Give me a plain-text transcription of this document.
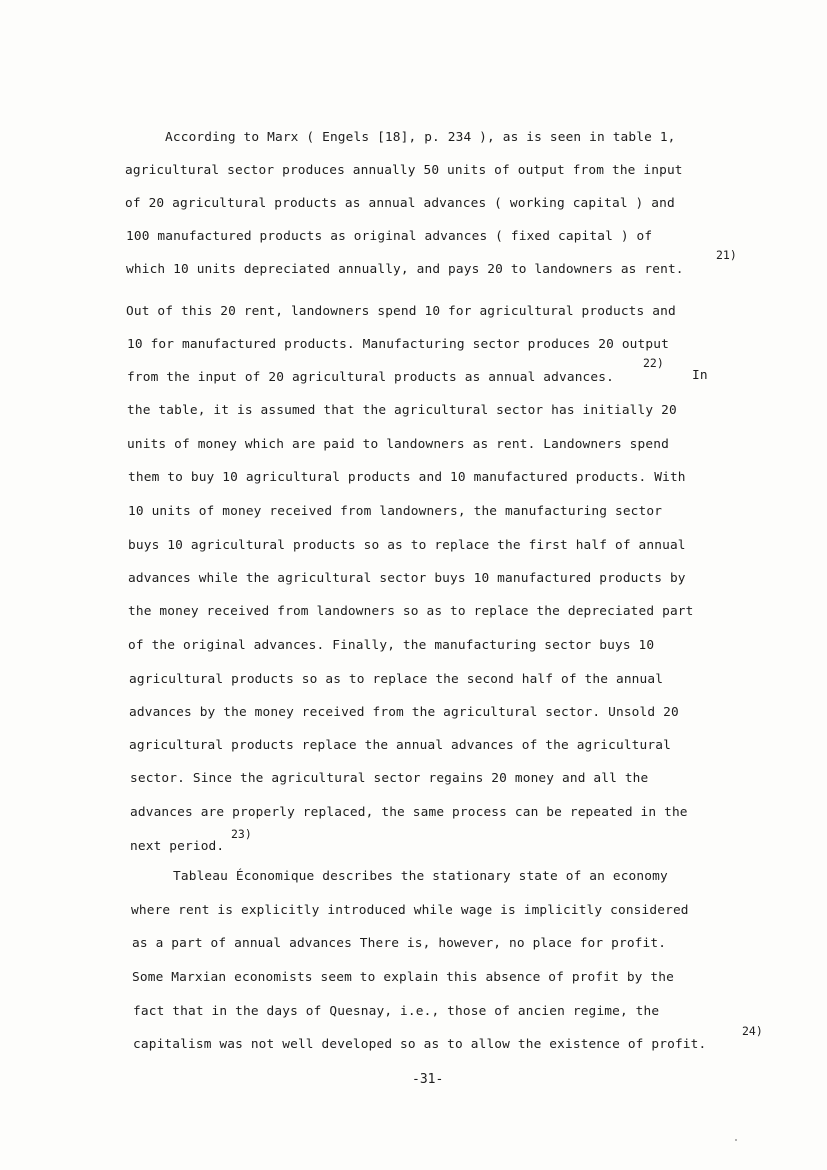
According to Marx ( Engels [18], p. 234 ), as is seen in table 1,
agricultural sector produces annually 50 units of output from the input
of 20 agricultural products as annual advances ( working capital ) and
100 manufactured products as original advances ( fixed capital ) of
which 10 units depreciated annually, and pays 20 to landowners as rent.
21)
Out of this 20 rent, landowners spend 10 for agricultural products and
10 for manufactured products. Manufacturing sector produces 20 output
from the input of 20 agricultural products as annual advances.
22)
In
the table, it is assumed that the agricultural sector has initially 20
units of money which are paid to landowners as rent. Landowners spend
them to buy 10 agricultural products and 10 manufactured products. With
10 units of money received from landowners, the manufacturing sector
buys 10 agricultural products so as to replace the first half of annual
advances while the agricultural sector buys 10 manufactured products by
the money received from landowners so as to replace the depreciated part
of the original advances. Finally, the manufacturing sector buys 10
agricultural products so as to replace the second half of the annual
advances by the money received from the agricultural sector. Unsold 20
agricultural products replace the annual advances of the agricultural
sector. Since the agricultural sector regains 20 money and all the
advances are properly replaced, the same process can be repeated in the
next period.
23)
Tableau Économique describes the stationary state of an economy
where rent is explicitly introduced while wage is implicitly considered
as a part of annual advances There is, however, no place for profit.
Some Marxian economists seem to explain this absence of profit by the
fact that in the days of Quesnay, i.e., those of ancien regime, the
capitalism was not well developed so as to allow the existence of profit.
24)
-31-
